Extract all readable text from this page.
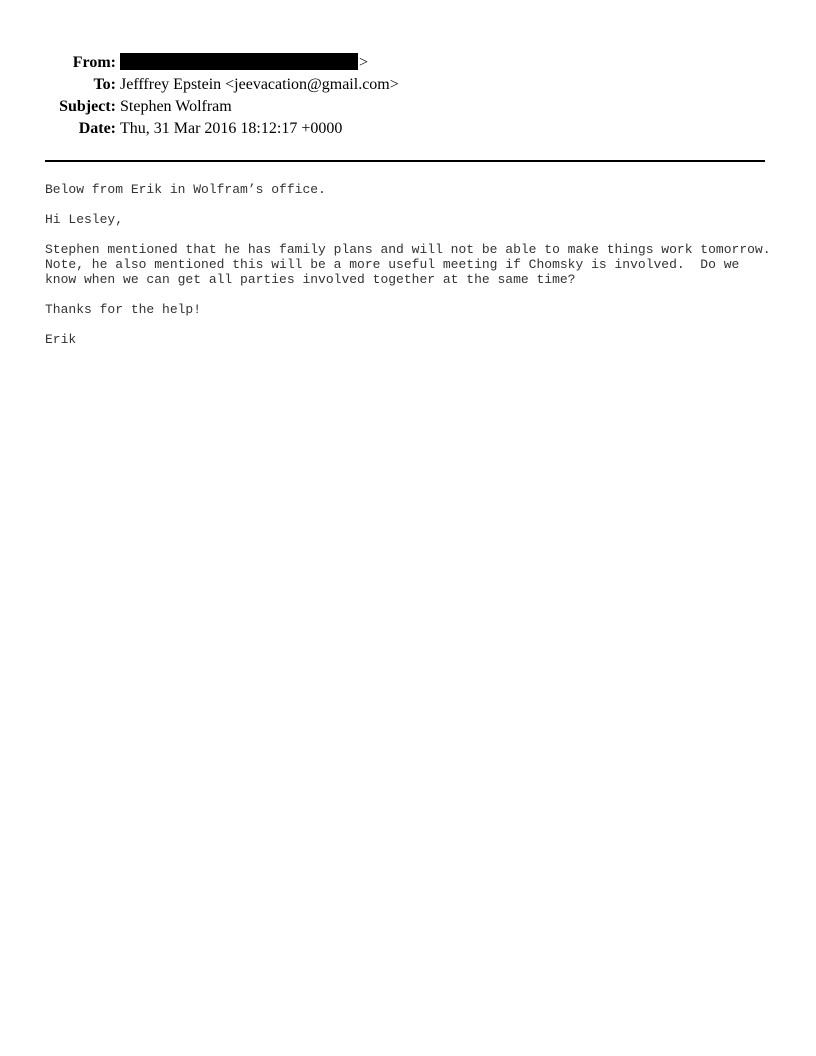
From:	>
To: Jefffrey Epstein <jeevacation@gmail.com>
Subject: Stephen Wolfram
Date: Thu, 31 Mar 2016 18:12:17 +0000
Below from Erik in Wolfram’s office.
Hi Lesley,
Stephen mentioned that he has family plans and will not be able to make things work tomorrow.
Note, he also mentioned this will be a more useful meeting if Chomsky is involved.  Do we
know when we can get all parties involved together at the same time?
Thanks for the help!
Erik
